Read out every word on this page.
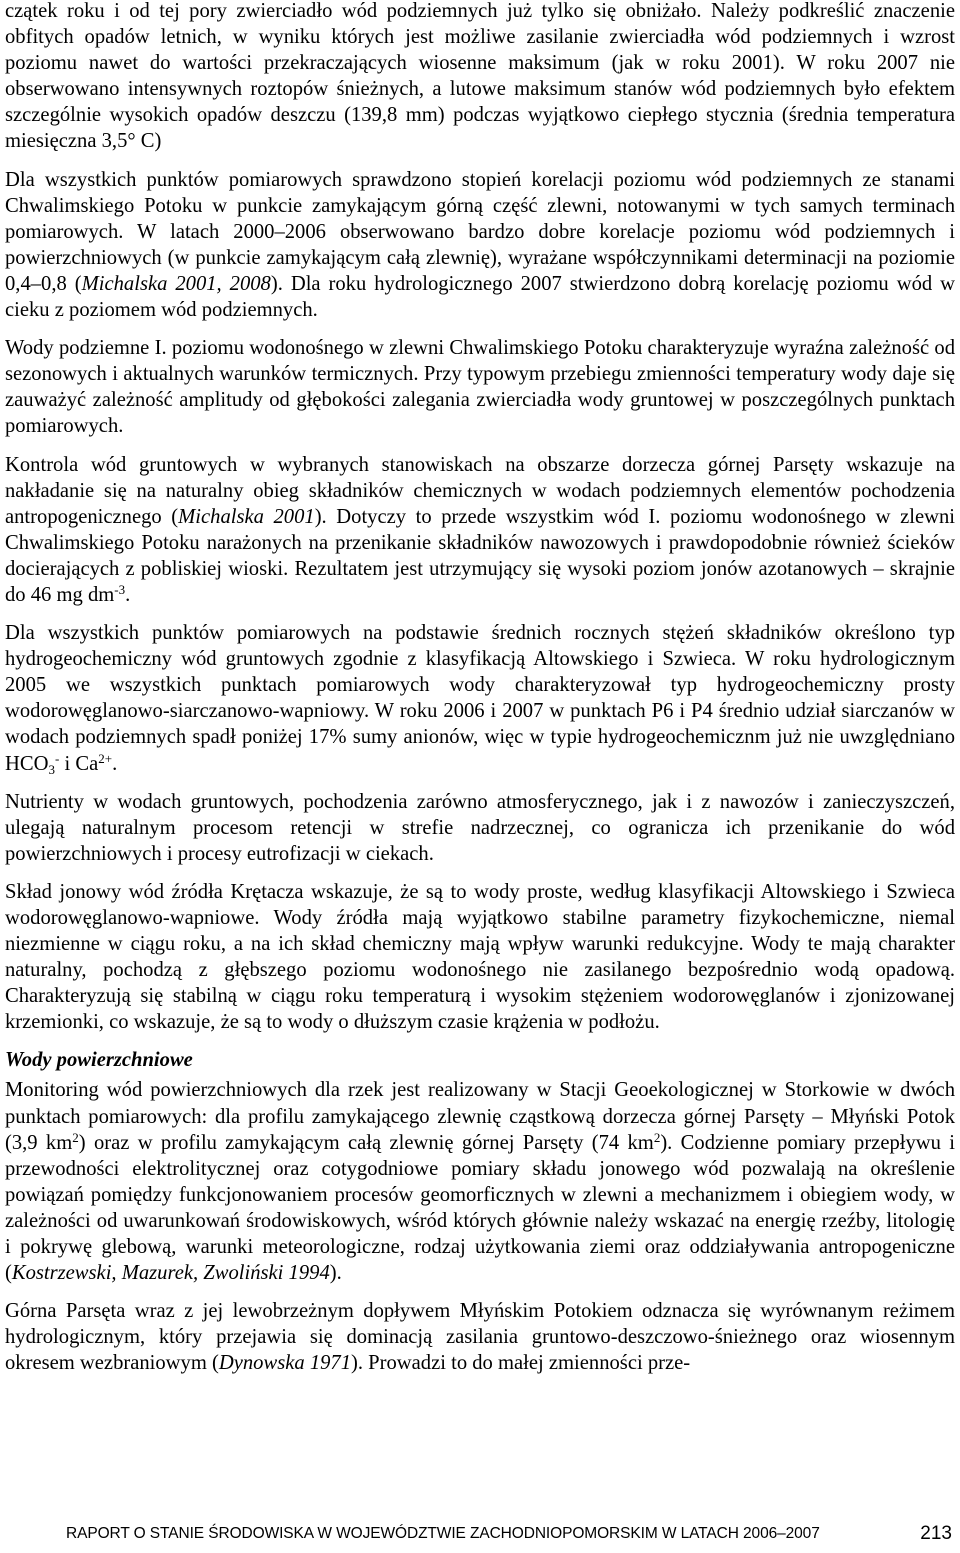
czątek roku i od tej pory zwierciadło wód podziemnych już tylko się obniżało. Należy podkreślić znaczenie obfitych opadów letnich, w wyniku których jest możliwe zasilanie zwierciadła wód podziemnych i wzrost poziomu nawet do wartości przekraczających wiosenne maksimum (jak w roku 2001). W roku 2007 nie obserwowano intensywnych roztopów śnieżnych, a lutowe maksimum stanów wód podziemnych było efektem szczególnie wysokich opadów deszczu (139,8 mm) podczas wyjątkowo ciepłego stycznia (średnia temperatura miesięczna 3,5° C)

Dla wszystkich punktów pomiarowych sprawdzono stopień korelacji poziomu wód podziemnych ze stanami Chwalimskiego Potoku w punkcie zamykającym górną część zlewni, notowanymi w tych samych terminach pomiarowych. W latach 2000–2006 obserwowano bardzo dobre korelacje poziomu wód podziemnych i powierzchniowych (w punkcie zamykającym całą zlewnię), wyrażane współczynnikami determinacji na poziomie 0,4–0,8 (Michalska 2001, 2008). Dla roku hydrologicznego 2007 stwierdzono dobrą korelację poziomu wód w cieku z poziomem wód podziemnych.

Wody podziemne I. poziomu wodonośnego w zlewni Chwalimskiego Potoku charakteryzuje wyraźna zależność od sezonowych i aktualnych warunków termicznych. Przy typowym przebiegu zmienności temperatury wody daje się zauważyć zależność amplitudy od głębokości zalegania zwierciadła wody gruntowej w poszczególnych punktach pomiarowych.

Kontrola wód gruntowych w wybranych stanowiskach na obszarze dorzecza górnej Parsęty wskazuje na nakładanie się na naturalny obieg składników chemicznych w wodach podziemnych elementów pochodzenia antropogenicznego (Michalska 2001). Dotyczy to przede wszystkim wód I. poziomu wodonośnego w zlewni Chwalimskiego Potoku narażonych na przenikanie składników nawozowych i prawdopodobnie również ścieków docierających z pobliskiej wioski. Rezultatem jest utrzymujący się wysoki poziom jonów azotanowych – skrajnie do 46 mg $dm^{-3}$.

Dla wszystkich punktów pomiarowych na podstawie średnich rocznych stężeń składników określono typ hydrogeochemiczny wód gruntowych zgodnie z klasyfikacją Altowskiego i Szwieca. W roku hydrologicznym 2005 we wszystkich punktach pomiarowych wody charakteryzował typ hydrogeochemiczny prosty wodorowęglanowo-siarczanowo-wapniowy. W roku 2006 i 2007 w punktach P6 i P4 średnio udział siarczanów w wodach podziemnych spadł poniżej 17% sumy anionów, więc w typie hydrogeochemicznm już nie uwzględniano $HCO_3^-$ i $Ca^{2+}$.

Nutrienty w wodach gruntowych, pochodzenia zarówno atmosferycznego, jak i z nawozów i zanieczyszczeń, ulegają naturalnym procesom retencji w strefie nadrzecznej, co ogranicza ich przenikanie do wód powierzchniowych i procesy eutrofizacji w ciekach.

Skład jonowy wód źródła Krętacza wskazuje, że są to wody proste, według klasyfikacji Altowskiego i Szwieca wodorowęglanowo-wapniowe. Wody źródła mają wyjątkowo stabilne parametry fizykochemiczne, niemal niezmienne w ciągu roku, a na ich skład chemiczny mają wpływ warunki redukcyjne. Wody te mają charakter naturalny, pochodzą z głębszego poziomu wodonośnego nie zasilanego bezpośrednio wodą opadową. Charakteryzują się stabilną w ciągu roku temperaturą i wysokim stężeniem wodorowęglanów i zjonizowanej krzemionki, co wskazuje, że są to wody o dłuższym czasie krążenia w podłożu.

Wody powierzchniowe

Monitoring wód powierzchniowych dla rzek jest realizowany w Stacji Geoekologicznej w Storkowie w dwóch punktach pomiarowych: dla profilu zamykającego zlewnię cząstkową dorzecza górnej Parsęty – Młyński Potok (3,9 $km^2$) oraz w profilu zamykającym całą zlewnię górnej Parsęty (74 $km^2$). Codzienne pomiary przepływu i przewodności elektrolitycznej oraz cotygodniowe pomiary składu jonowego wód pozwalają na określenie powiązań pomiędzy funkcjonowaniem procesów geomorficznych w zlewni a mechanizmem i obiegiem wody, w zależności od uwarunkowań środowiskowych, wśród których głównie należy wskazać na energię rzeźby, litologię i pokrywę glebową, warunki meteorologiczne, rodzaj użytkowania ziemi oraz oddziaływania antropogeniczne (Kostrzewski, Mazurek, Zwoliński 1994).

Górna Parsęta wraz z jej lewobrzeżnym dopływem Młyńskim Potokiem odznacza się wyrównanym reżimem hydrologicznym, który przejawia się dominacją zasilania gruntowo-deszczowo-śnieżnego oraz wiosennym okresem wezbraniowym (Dynowska 1971). Prowadzi to do małej zmienności prze-

RAPORT O STANIE ŚRODOWISKA W WOJEWÓDZTWIE ZACHODNIOPOMORSKIM W LATACH 2006–2007	213
